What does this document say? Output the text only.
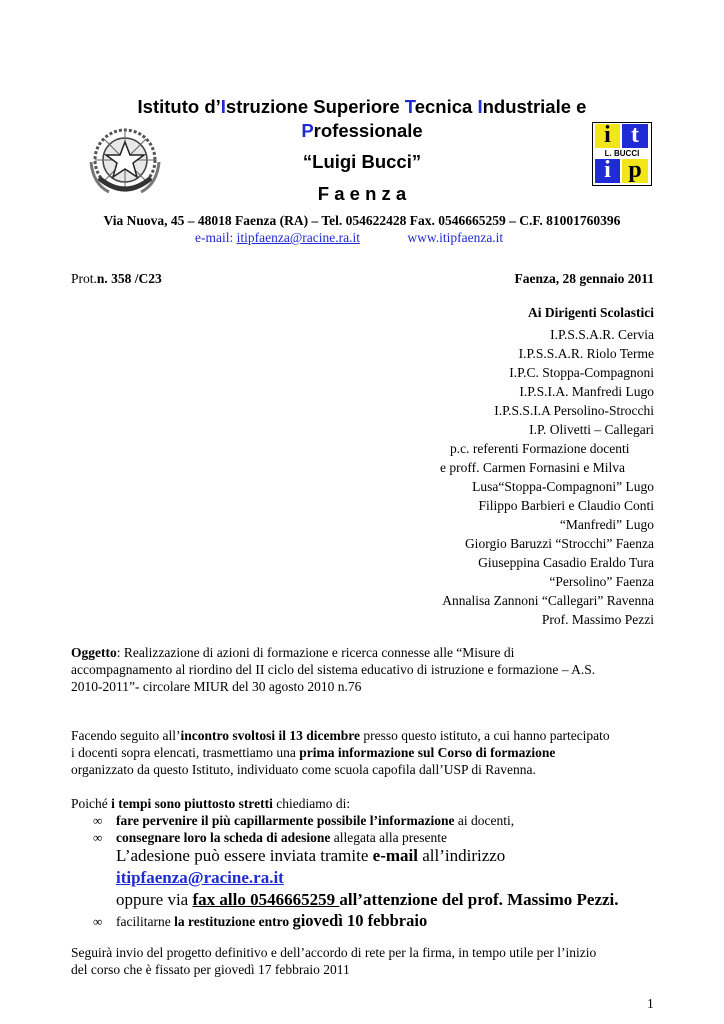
Istituto d’Istruzione Superiore Tecnica Industriale e
Professionale
“Luigi Bucci”
F a e n z a
i t
L. BUCCI
i p
Via Nuova, 45 – 48018 Faenza (RA) – Tel. 054622428 Fax. 0546665259 – C.F. 81001760396
e-mail: itipfaenza@racine.ra.it	www.itipfaenza.it
Prot.n. 358 /C23	Faenza, 28 gennaio 2011
Ai Dirigenti Scolastici
I.P.S.S.A.R. Cervia
I.P.S.S.A.R. Riolo Terme
I.P.C. Stoppa-Compagnoni
I.P.S.I.A. Manfredi Lugo
I.P.S.S.I.A Persolino-Strocchi
I.P. Olivetti – Callegari
p.c. referenti Formazione docenti
e proff. Carmen Fornasini e Milva
Lusa“Stoppa-Compagnoni” Lugo
Filippo Barbieri e Claudio Conti
“Manfredi” Lugo
Giorgio Baruzzi “Strocchi” Faenza
Giuseppina Casadio Eraldo Tura
“Persolino” Faenza
Annalisa Zannoni “Callegari” Ravenna
Prof. Massimo Pezzi
Oggetto: Realizzazione di azioni di formazione e ricerca connesse alle “Misure di
accompagnamento al riordino del II ciclo del sistema educativo di istruzione e formazione – A.S.
2010-2011”- circolare MIUR del 30 agosto 2010 n.76
Facendo seguito all’incontro svoltosi il 13 dicembre presso questo istituto, a cui hanno partecipato
i docenti sopra elencati, trasmettiamo una prima informazione sul Corso di formazione
organizzato da questo Istituto, individuato come scuola capofila dall’USP di Ravenna.
Poiché i tempi sono piuttosto stretti chiediamo di:
∞ fare pervenire il più capillarmente possibile l’informazione ai docenti,
∞ consegnare loro la scheda di adesione allegata alla presente
L’adesione può essere inviata tramite e-mail all’indirizzo
itipfaenza@racine.ra.it
oppure via fax allo 0546665259 all’attenzione del prof. Massimo Pezzi.
∞ facilitarne la restituzione entro giovedì 10 febbraio
Seguirà invio del progetto definitivo e dell’accordo di rete per la firma, in tempo utile per l’inizio
del corso che è fissato per giovedì 17 febbraio 2011
1
